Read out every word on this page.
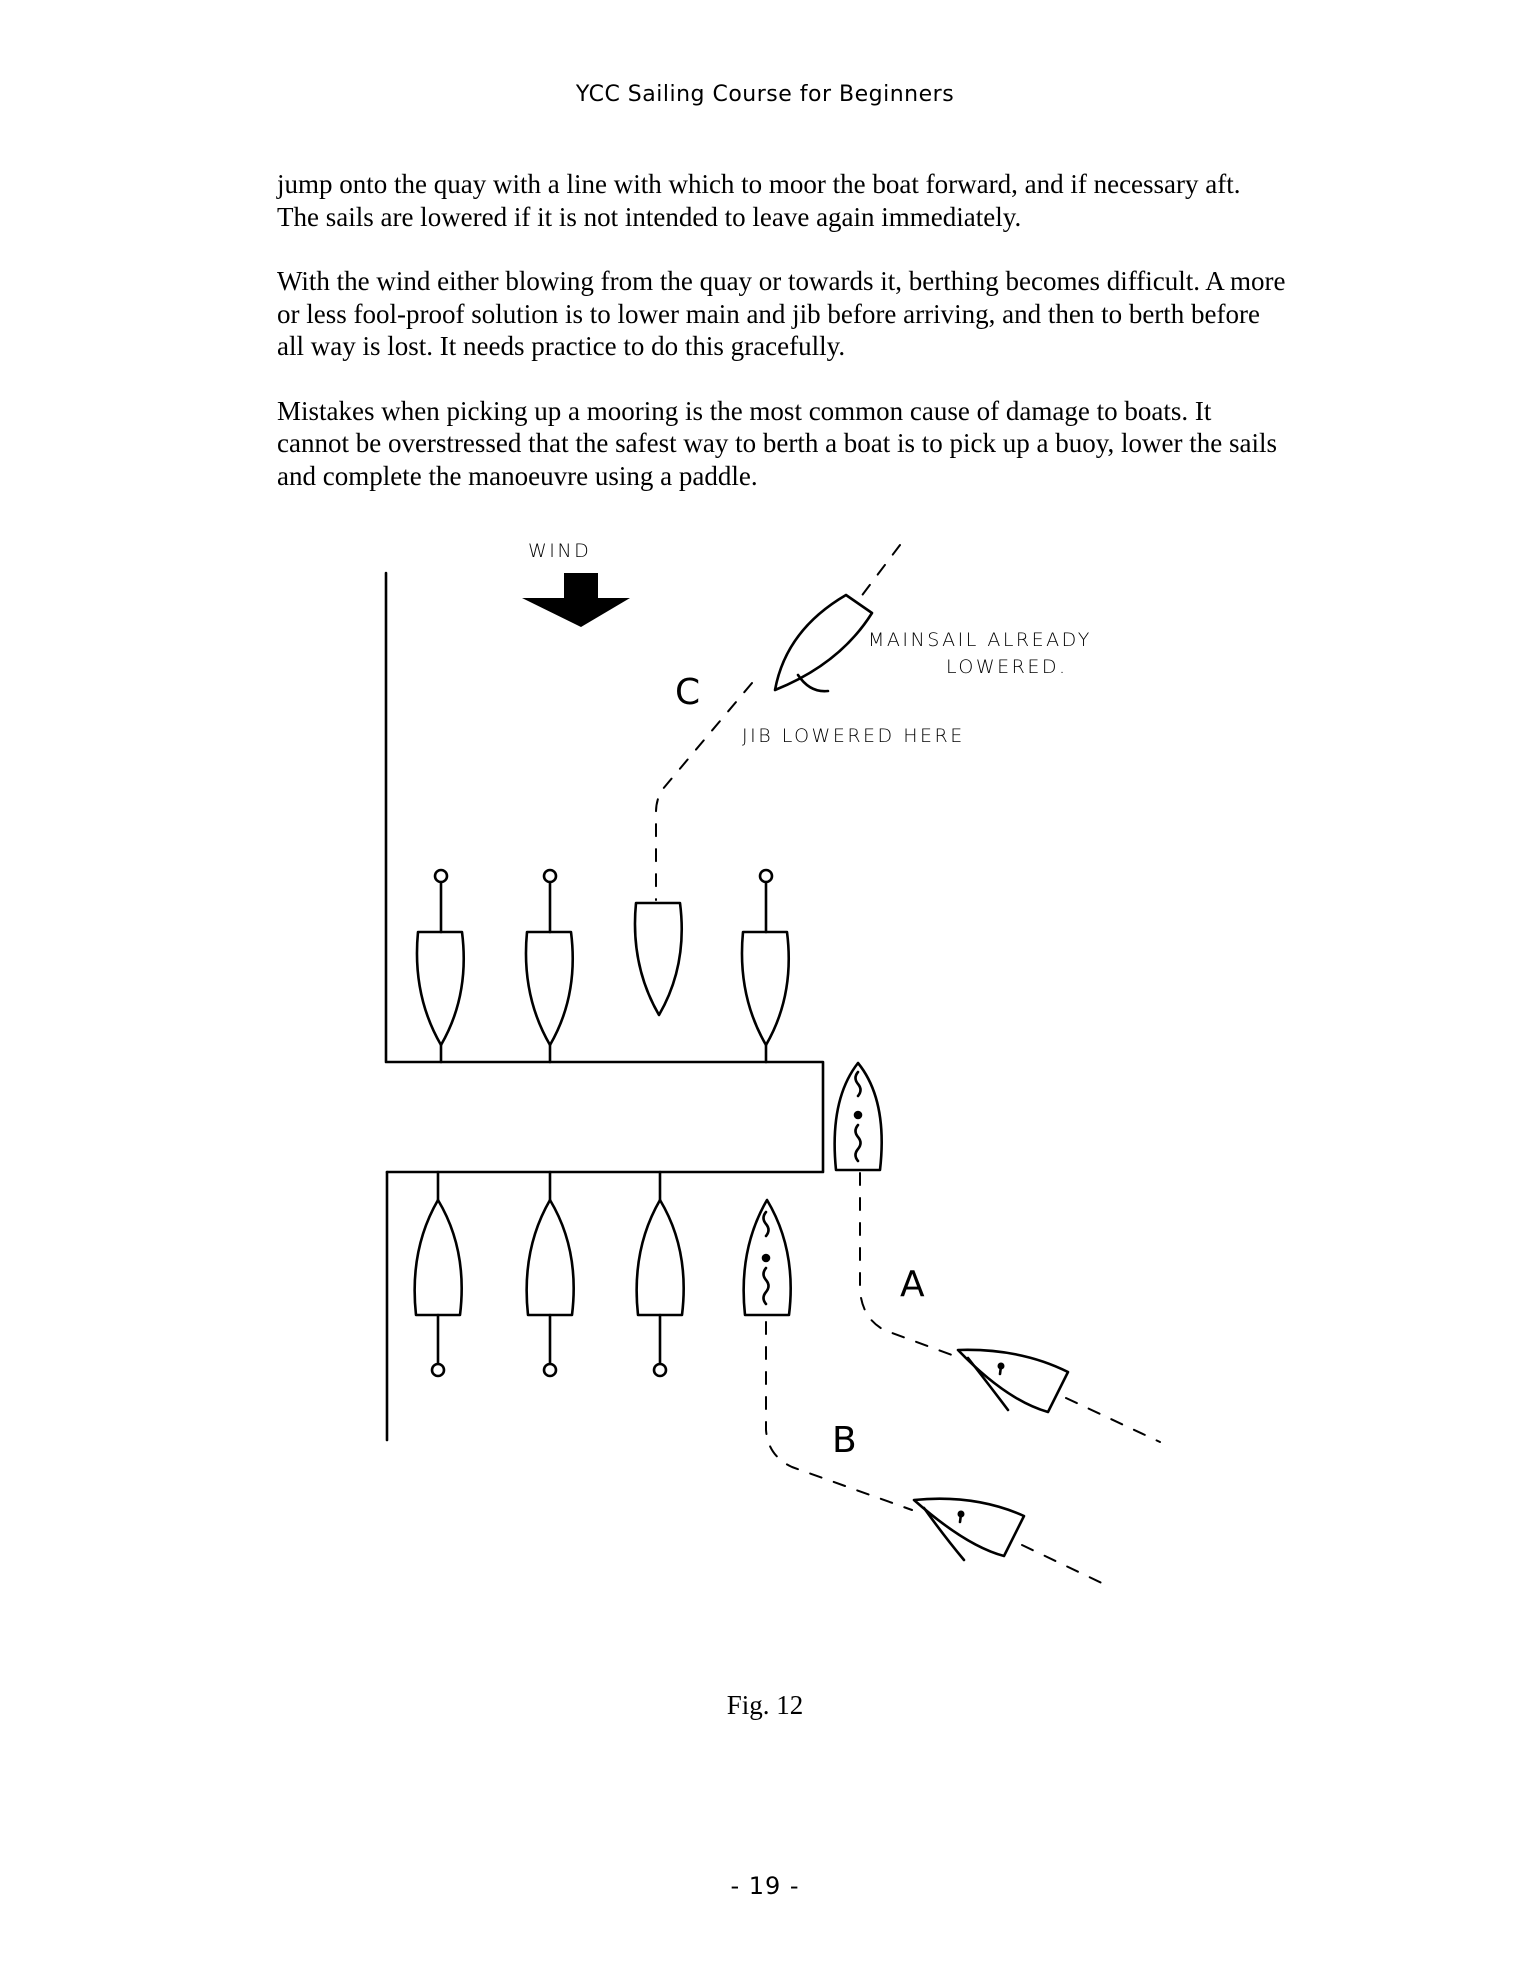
YCC Sailing Course for Beginners

jump onto the quay with a line with which to moor the boat forward, and if necessary aft. The sails are lowered if it is not intended to leave again immediately.

With the wind either blowing from the quay or towards it, berthing becomes difficult. A more or less fool-proof solution is to lower main and jib before arriving, and then to berth before all way is lost. It needs practice to do this gracefully.

Mistakes when picking up a mooring is the most common cause of damage to boats. It cannot be overstressed that the safest way to berth a boat is to pick up a buoy, lower the sails and complete the manoeuvre using a paddle.

WIND
MAINSAIL ALREADY
LOWERED.
JIB LOWERED HERE
C
A
B
Fig. 12
- 19 -
